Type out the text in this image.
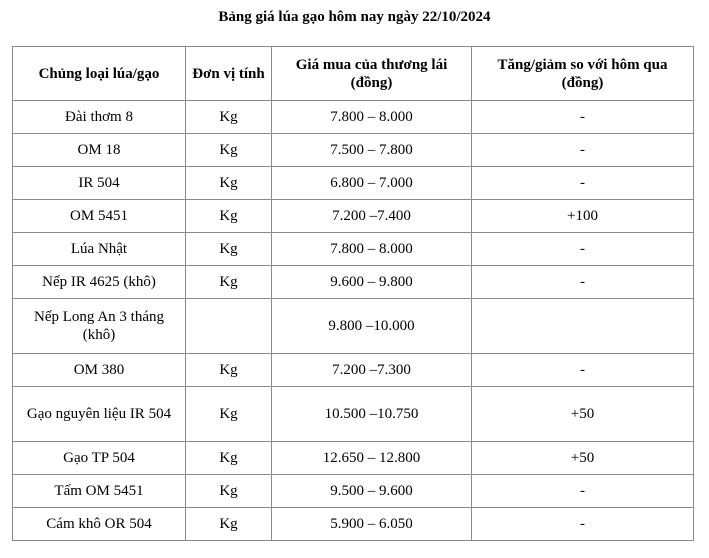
Bảng giá lúa gạo hôm nay ngày 22/10/2024
Chủng loại lúa/gạo	Đơn vị tính	Giá mua của thương lái (đồng)	Tăng/giảm so với hôm qua (đồng)
Đài thơm 8	Kg	7.800 – 8.000	-
OM 18	Kg	7.500 – 7.800	-
IR 504	Kg	6.800 – 7.000	-
OM 5451	Kg	7.200 –7.400	+100
Lúa Nhật	Kg	7.800 – 8.000	-
Nếp IR 4625 (khô)	Kg	9.600 – 9.800	-
Nếp Long An 3 tháng (khô)		9.800 –10.000	
OM 380	Kg	7.200 –7.300	-
Gạo nguyên liệu IR 504	Kg	10.500 –10.750	+50
Gạo TP 504	Kg	12.650 – 12.800	+50
Tấm OM 5451	Kg	9.500 – 9.600	-
Cám khô OR 504	Kg	5.900 – 6.050	-
